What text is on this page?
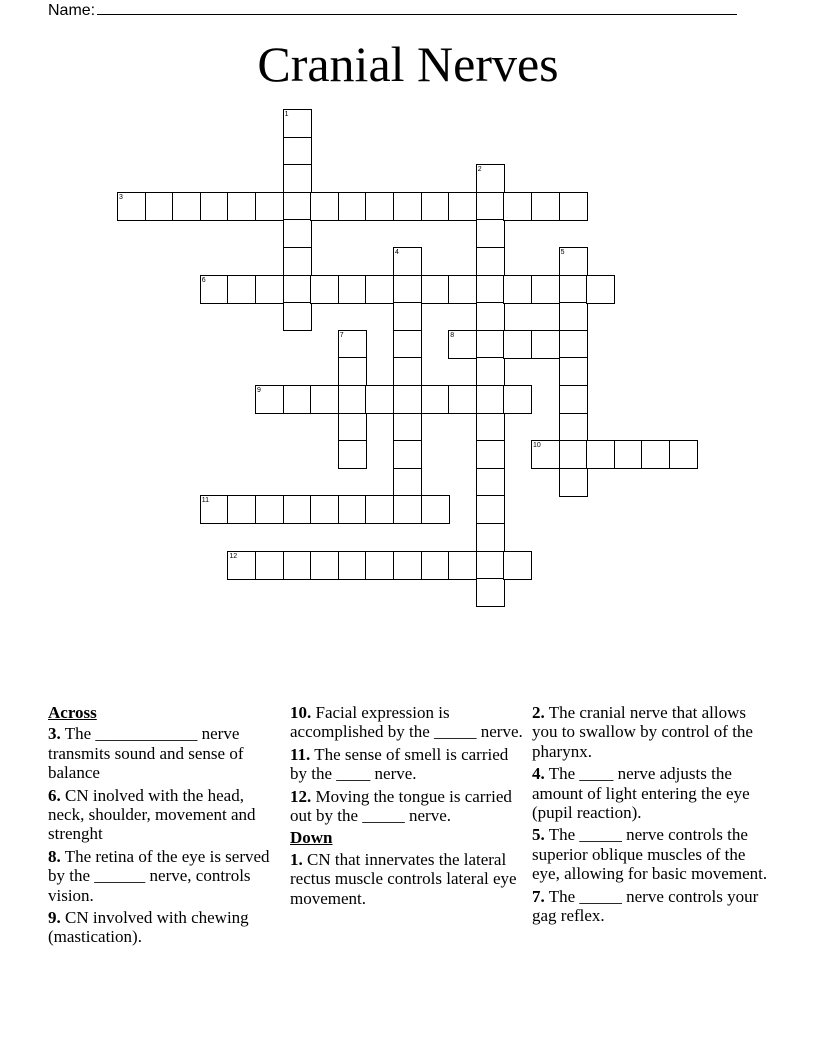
Name:
Cranial Nerves
1
2
3
4	5
6
7	8
9
10
11
12
Across
3. The ____________ nerve transmits sound and sense of balance
6. CN inolved with the head, neck, shoulder, movement and strenght
8. The retina of the eye is served by the ______ nerve, controls vision.
9. CN involved with chewing (mastication).
10. Facial expression is accomplished by the _____ nerve.
11. The sense of smell is carried by the ____ nerve.
12. Moving the tongue is carried out by the _____ nerve.
Down
1. CN that innervates the lateral rectus muscle controls lateral eye movement.
2. The cranial nerve that allows you to swallow by control of the pharynx.
4. The ____ nerve adjusts the amount of light entering the eye (pupil reaction).
5. The _____ nerve controls the superior oblique muscles of the eye, allowing for basic movement.
7. The _____ nerve controls your gag reflex.
